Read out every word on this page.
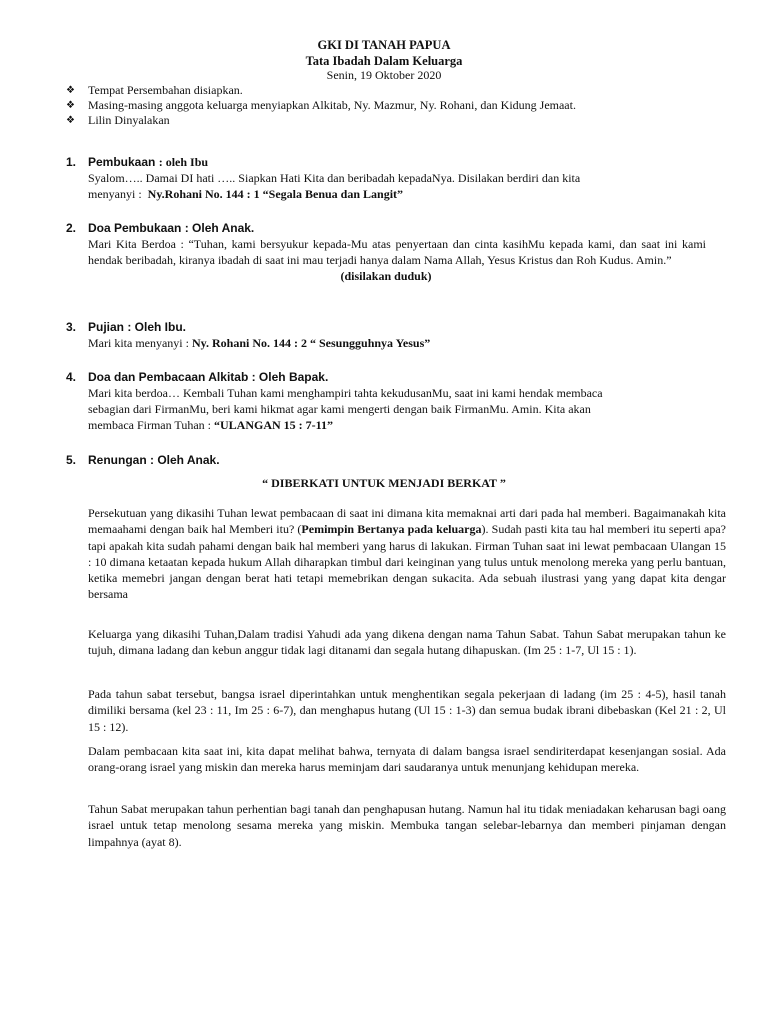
GKI DI TANAH PAPUA
Tata Ibadah Dalam Keluarga
Senin, 19 Oktober 2020
❖	Tempat Persembahan disiapkan.
❖	Masing-masing anggota keluarga menyiapkan Alkitab, Ny. Mazmur, Ny. Rohani, dan Kidung Jemaat.
❖	Lilin Dinyalakan
1. Pembukaan : oleh Ibu
Syalom….. Damai DI hati ….. Siapkan Hati Kita dan beribadah kepadaNya. Disilakan berdiri dan kita
menyanyi : Ny.Rohani No. 144 : 1 “Segala Benua dan Langit”
2. Doa Pembukaan : Oleh Anak.
Mari Kita Berdoa : “Tuhan, kami bersyukur kepada-Mu atas penyertaan dan cinta kasihMu kepada kami, dan saat ini kami hendak beribadah, kiranya ibadah di saat ini mau terjadi hanya dalam Nama Allah, Yesus Kristus dan Roh Kudus. Amin.”
(disilakan duduk)
3. Pujian : Oleh Ibu.
Mari kita menyanyi : Ny. Rohani No. 144 : 2 “ Sesungguhnya Yesus”
4. Doa dan Pembacaan Alkitab : Oleh Bapak.
Mari kita berdoa… Kembali Tuhan kami menghampiri tahta kekudusanMu, saat ini kami hendak membaca
sebagian dari FirmanMu, beri kami hikmat agar kami mengerti dengan baik FirmanMu. Amin. Kita akan
membaca Firman Tuhan : “ULANGAN 15 : 7-11”
5. Renungan : Oleh Anak.
“ DIBERKATI UNTUK MENJADI BERKAT ”
Persekutuan yang dikasihi Tuhan lewat pembacaan di saat ini dimana kita memaknai arti dari pada hal memberi. Bagaimanakah kita memaahami dengan baik hal Memberi itu? (Pemimpin Bertanya pada keluarga). Sudah pasti kita tau hal memberi itu seperti apa? tapi apakah kita sudah pahami dengan baik hal memberi yang harus di lakukan. Firman Tuhan saat ini lewat pembacaan Ulangan 15 : 10 dimana ketaatan kepada hukum Allah diharapkan timbul dari keinginan yang tulus untuk menolong mereka yang perlu bantuan, ketika memebri jangan dengan berat hati tetapi memebrikan dengan sukacita. Ada sebuah ilustrasi yang yang dapat kita dengar bersama
Keluarga yang dikasihi Tuhan,Dalam tradisi Yahudi ada yang dikena dengan nama Tahun Sabat. Tahun Sabat merupakan tahun ke tujuh, dimana ladang dan kebun anggur tidak lagi ditanami dan segala hutang dihapuskan. (Im 25 : 1-7, Ul 15 : 1).
Pada tahun sabat tersebut, bangsa israel diperintahkan untuk menghentikan segala pekerjaan di ladang (im 25 : 4-5), hasil tanah dimiliki bersama (kel 23 : 11, Im 25 : 6-7), dan menghapus hutang (Ul 15 : 1-3) dan semua budak ibrani dibebaskan (Kel 21 : 2, Ul 15 : 12).
Dalam pembacaan kita saat ini, kita dapat melihat bahwa, ternyata di dalam bangsa israel sendiriterdapat kesenjangan sosial. Ada orang-orang israel yang miskin dan mereka harus meminjam dari saudaranya untuk menunjang kehidupan mereka.
Tahun Sabat merupakan tahun perhentian bagi tanah dan penghapusan hutang. Namun hal itu tidak meniadakan keharusan bagi oang israel untuk tetap menolong sesama mereka yang miskin. Membuka tangan selebar-lebarnya dan memberi pinjaman dengan limpahnya (ayat 8).
